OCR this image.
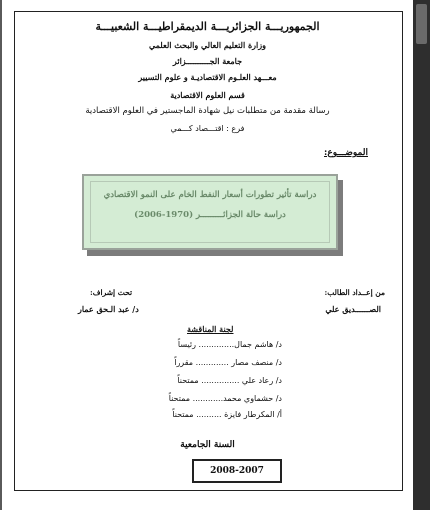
الجمهوريـــة الجزائريـــة الديمقراطيـــة الشعبيـــة
وزارة التعليم العالي والبحث العلمي
جامعة الجــــــــــزائر
معـــهد العلـوم الاقتصاديـة و علوم التسيير
قسم العلوم الاقتصادية
رسالة مقدمة من متطلبات نيل شهادة الماجستير في العلوم الاقتصادية
فرع : اقتـــصاد كـــمي
الموضـــوع:
دراسة تأثير تطورات أسعار النفط الخام على النمو الاقتصادي
دراسة حالة الجزائـــــــــر (1970-2006)
من إعــداد الطالب:
الصــــــديق علي
تحت إشراف:
د/ عبد الـحق عمار
لجنة المناقشة
د/ هاشم جمال.............. رئيساً
د/ منصف مصار ............. مقرراً
د/ رعاد علي ............... ممتحناً
د/ حشماوي محمد............ ممتحناً
أ/ المكرطار فايزة .......... ممتحناً
السنة الجامعية
2008-2007
